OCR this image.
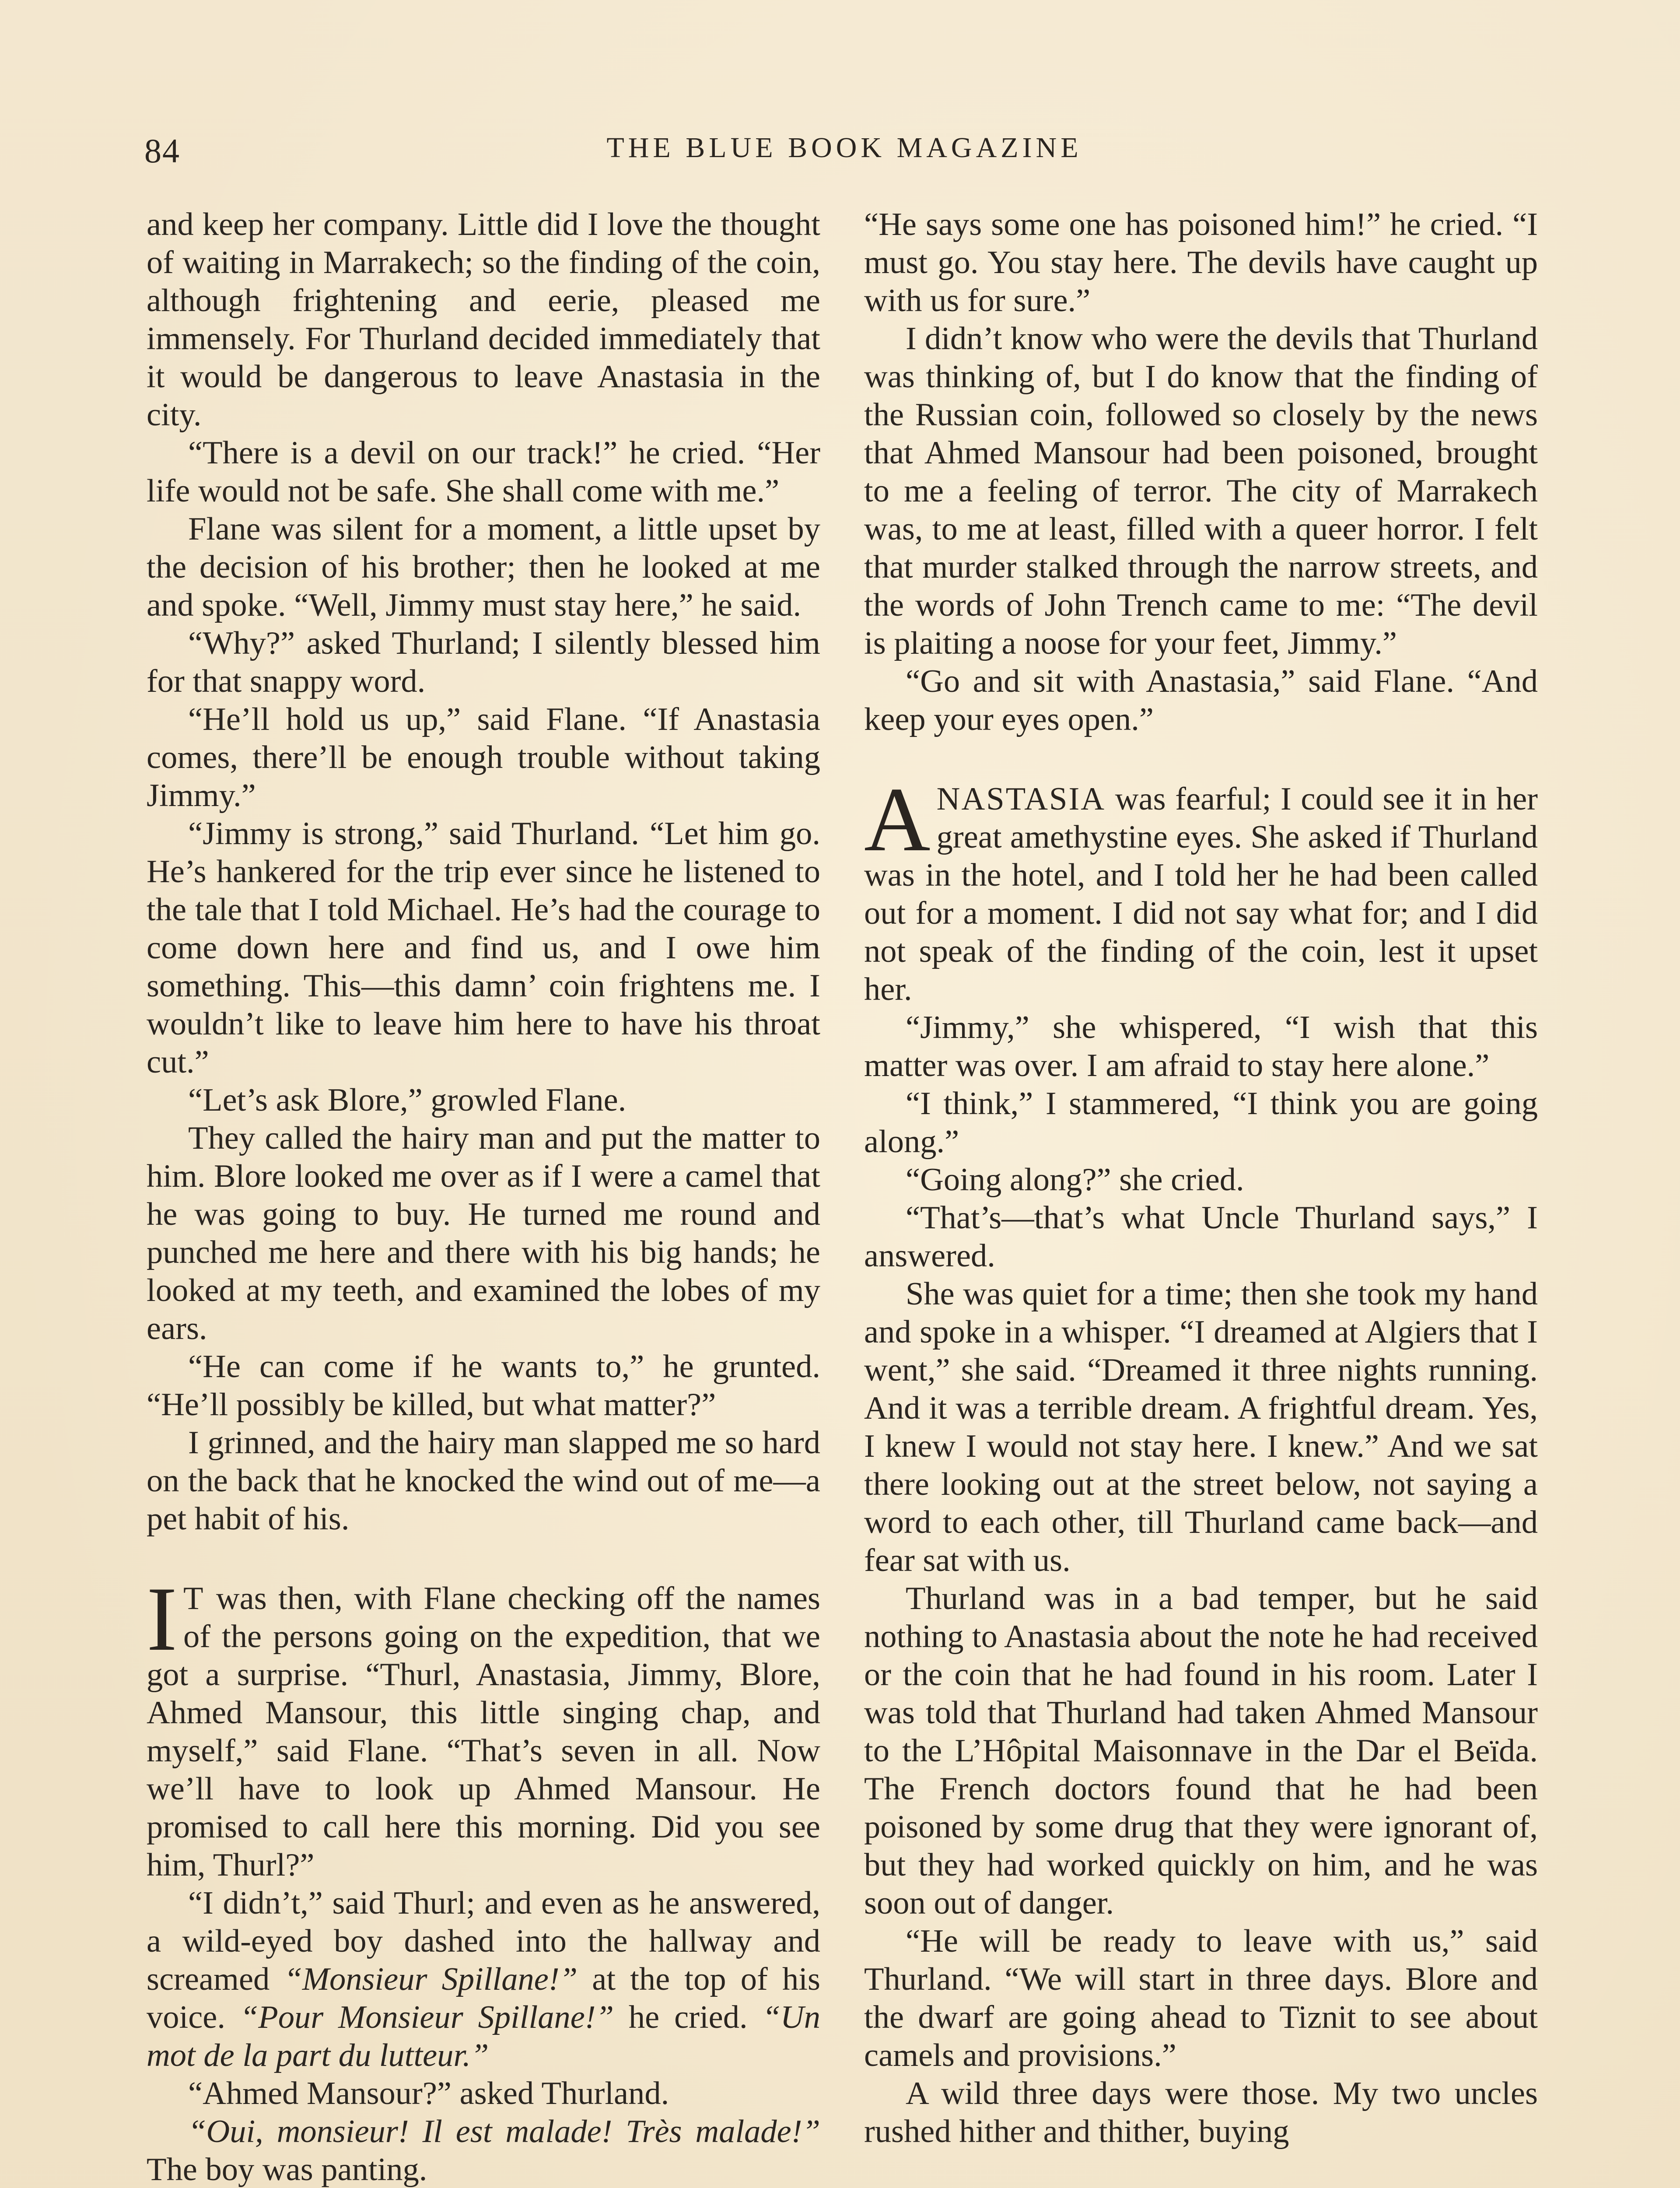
84	THE BLUE BOOK MAGAZINE

and keep her company. Little did I love the thought of waiting in Marrakech; so the finding of the coin, although frightening and eerie, pleased me immensely. For Thurland decided immediately that it would be dangerous to leave Anastasia in the city.

“There is a devil on our track!” he cried. “Her life would not be safe. She shall come with me.”

Flane was silent for a moment, a little upset by the decision of his brother; then he looked at me and spoke. “Well, Jimmy must stay here,” he said.

“Why?” asked Thurland; I silently blessed him for that snappy word.

“He’ll hold us up,” said Flane. “If Anastasia comes, there’ll be enough trouble without taking Jimmy.”

“Jimmy is strong,” said Thurland. “Let him go. He’s hankered for the trip ever since he listened to the tale that I told Michael. He’s had the courage to come down here and find us, and I owe him something. This—this damn’ coin frightens me. I wouldn’t like to leave him here to have his throat cut.”

“Let’s ask Blore,” growled Flane.

They called the hairy man and put the matter to him. Blore looked me over as if I were a camel that he was going to buy. He turned me round and punched me here and there with his big hands; he looked at my teeth, and examined the lobes of my ears.

“He can come if he wants to,” he grunted. “He’ll possibly be killed, but what matter?”

I grinned, and the hairy man slapped me so hard on the back that he knocked the wind out of me—a pet habit of his.

I T was then, with Flane checking off the names of the persons going on the expedition, that we got a surprise. “Thurl, Anastasia, Jimmy, Blore, Ahmed Mansour, this little singing chap, and myself,” said Flane. “That’s seven in all. Now we’ll have to look up Ahmed Mansour. He promised to call here this morning. Did you see him, Thurl?”

“I didn’t,” said Thurl; and even as he answered, a wild-eyed boy dashed into the hallway and screamed “Monsieur Spillane!” at the top of his voice. “Pour Monsieur Spillane!” he cried. “Un mot de la part du lutteur.”

“Ahmed Mansour?” asked Thurland.

“Oui, monsieur! Il est malade! Très malade!” The boy was panting.

“He says some one has poisoned him!” he cried. “I must go. You stay here. The devils have caught up with us for sure.”

I didn’t know who were the devils that Thurland was thinking of, but I do know that the finding of the Russian coin, followed so closely by the news that Ahmed Mansour had been poisoned, brought to me a feeling of terror. The city of Marrakech was, to me at least, filled with a queer horror. I felt that murder stalked through the narrow streets, and the words of John Trench came to me: “The devil is plaiting a noose for your feet, Jimmy.”

“Go and sit with Anastasia,” said Flane. “And keep your eyes open.”

ANASTASIA was fearful; I could see it in her great amethystine eyes. She asked if Thurland was in the hotel, and I told her he had been called out for a moment. I did not say what for; and I did not speak of the finding of the coin, lest it upset her.

“Jimmy,” she whispered, “I wish that this matter was over. I am afraid to stay here alone.”

“I think,” I stammered, “I think you are going along.”

“Going along?” she cried.

“That’s—that’s what Uncle Thurland says,” I answered.

She was quiet for a time; then she took my hand and spoke in a whisper. “I dreamed at Algiers that I went,” she said. “Dreamed it three nights running. And it was a terrible dream. A frightful dream. Yes, I knew I would not stay here. I knew.” And we sat there looking out at the street below, not saying a word to each other, till Thurland came back—and fear sat with us.

Thurland was in a bad temper, but he said nothing to Anastasia about the note he had received or the coin that he had found in his room. Later I was told that Thurland had taken Ahmed Mansour to the L’Hôpital Maisonnave in the Dar el Beïda. The French doctors found that he had been poisoned by some drug that they were ignorant of, but they had worked quickly on him, and he was soon out of danger.

“He will be ready to leave with us,” said Thurland. “We will start in three days. Blore and the dwarf are going ahead to Tiznit to see about camels and provisions.”

A wild three days were those. My two uncles rushed hither and thither, buying
